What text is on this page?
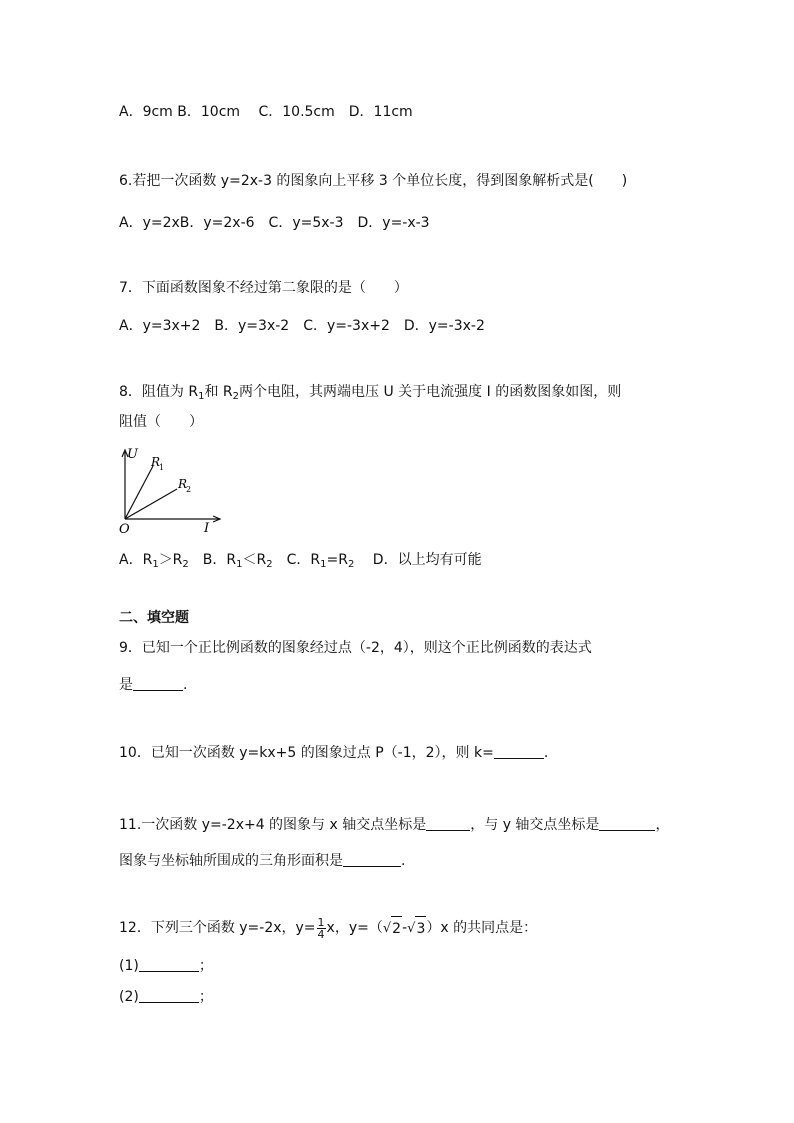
A．9cm B．10cm　 C．10.5cm　D．11cm
6.若把一次函数 y=2x-3 的图象向上平移 3 个单位长度，得到图象解析式是(　　)
A．y=2xB．y=2x-6　C．y=5x-3　D．y=-x-3
7．下面函数图象不经过第二象限的是（　　）
A．y=3x+2　B．y=3x-2　C．y=-3x+2　D．y=-3x-2
8．阻值为 $R_1$和 $R_2$两个电阻，其两端电压 U 关于电流强度 I 的函数图象如图，则
阻值（　　）
U
I
O
R
1
R
2
A．$R_1>R_2$　B．$R_1<R_2$　C．$R_1=R_2$　 D．以上均有可能
二、填空题
9．已知一个正比例函数的图象经过点（-2，4），则这个正比例函数的表达式
是	.
10．已知一次函数 y=kx+5 的图象过点 P（-1，2），则 k=	.
11.一次函数 y=-2x+4 的图象与 x 轴交点坐标是	，与 y 轴交点坐标是	，
图象与坐标轴所围成的三角形面积是	.
12．下列三个函数 y=-2x，$y= \frac{1}{4}$ x，y=（ √ 2 - √ 3 ）x 的共同点是：
(1)	；
(2)	；
